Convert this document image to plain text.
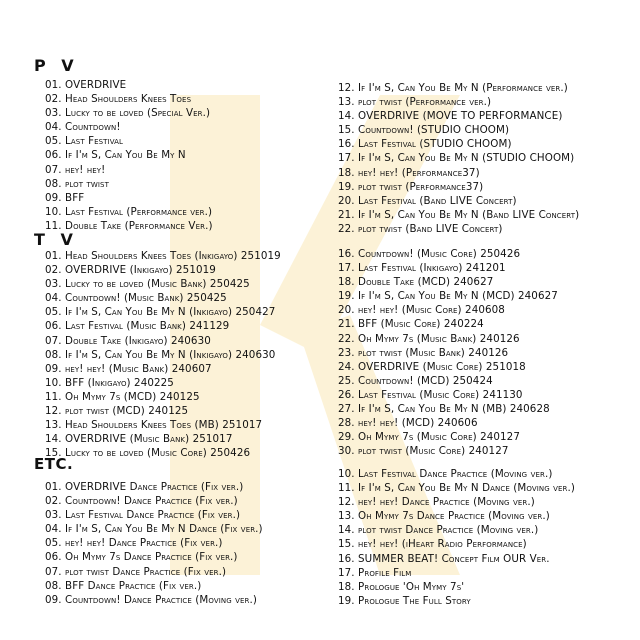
P V
01. OVERDRIVE
02. Head Shoulders Knees Toes
03. Lucky to be loved (Special Ver.)
04. Countdown!
05. Last Festival
06. If I'm S, Can You Be My N
07. hey! hey!
08. plot twist
09. BFF
10. Last Festival (Performance ver.)
11. Double Take (Performance Ver.)
12. If I'm S, Can You Be My N (Performance ver.)
13. plot twist (Performance ver.)
14. OVERDRIVE (MOVE TO PERFORMANCE)
15. Countdown! (STUDIO CHOOM)
16. Last Festival (STUDIO CHOOM)
17. If I'm S, Can You Be My N (STUDIO CHOOM)
18. hey! hey! (Performance37)
19. plot twist (Performance37)
20. Last Festival (Band LIVE Concert)
21. If I'm S, Can You Be My N (Band LIVE Concert)
22. plot twist (Band LIVE Concert)
T V
01. Head Shoulders Knees Toes (Inkigayo) 251019
02. OVERDRIVE (Inkigayo) 251019
03. Lucky to be loved (Music Bank) 250425
04. Countdown! (Music Bank) 250425
05. If I'm S, Can You Be My N (Inkigayo) 250427
06. Last Festival (Music Bank) 241129
07. Double Take (Inkigayo) 240630
08. If I'm S, Can You Be My N (Inkigayo) 240630
09. hey! hey! (Music Bank) 240607
10. BFF (Inkigayo) 240225
11. Oh Mymy 7s (MCD) 240125
12. plot twist (MCD) 240125
13. Head Shoulders Knees Toes (MB) 251017
14. OVERDRIVE (Music Bank) 251017
15. Lucky to be loved (Music Core) 250426
16. Countdown! (Music Core) 250426
17. Last Festival (Inkigayo) 241201
18. Double Take (MCD) 240627
19. If I'm S, Can You Be My N (MCD) 240627
20. hey! hey! (Music Core) 240608
21. BFF (Music Core) 240224
22. Oh Mymy 7s (Music Bank) 240126
23. plot twist (Music Bank) 240126
24. OVERDRIVE (Music Core) 251018
25. Countdown! (MCD) 250424
26. Last Festival (Music Core) 241130
27. If I'm S, Can You Be My N (MB) 240628
28. hey! hey! (MCD) 240606
29. Oh Mymy 7s (Music Core) 240127
30. plot twist (Music Core) 240127
ETC.
01. OVERDRIVE Dance Practice (Fix ver.)
02. Countdown! Dance Practice (Fix ver.)
03. Last Festival Dance Practice (Fix ver.)
04. If I'm S, Can You Be My N Dance (Fix ver.)
05. hey! hey! Dance Practice (Fix ver.)
06. Oh Mymy 7s Dance Practice (Fix ver.)
07. plot twist Dance Practice (Fix ver.)
08. BFF Dance Practice (Fix ver.)
09. Countdown! Dance Practice (Moving ver.)
10. Last Festival Dance Practice (Moving ver.)
11. If I'm S, Can You Be My N Dance (Moving ver.)
12. hey! hey! Dance Practice (Moving ver.)
13. Oh Mymy 7s Dance Practice (Moving ver.)
14. plot twist Dance Practice (Moving ver.)
15. hey! hey! (iHeart Radio Performance)
16. SUMMER BEAT! Concept Film OUR Ver.
17. Profile Film
18. Prologue 'Oh Mymy 7s'
19. Prologue The Full Story
